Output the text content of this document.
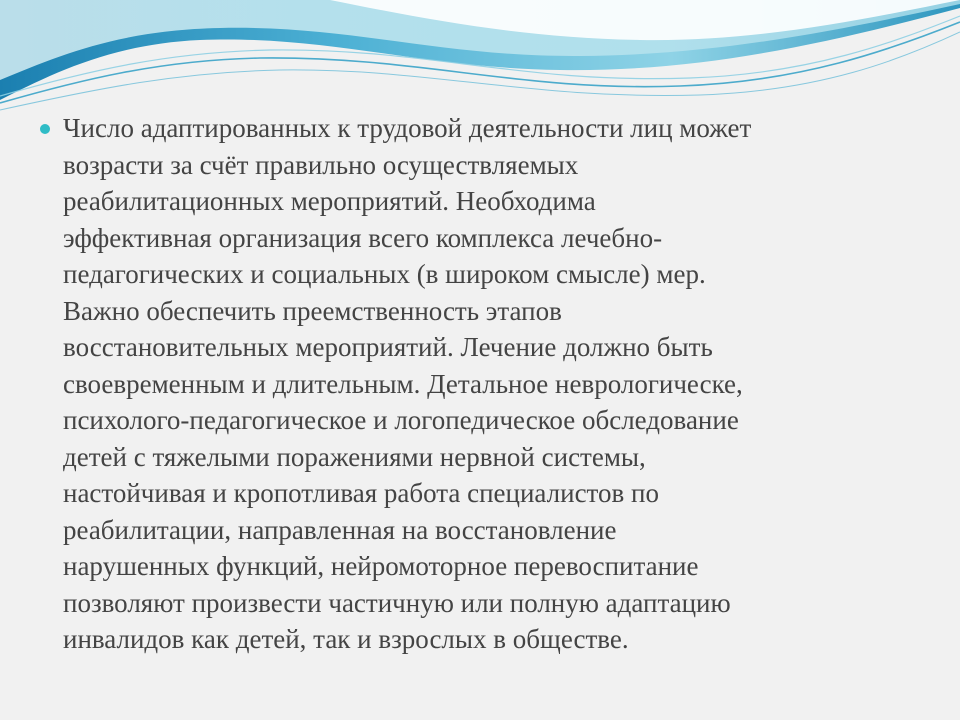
Число адаптированных к трудовой деятельности лиц может
возрасти за счёт правильно осуществляемых
реабилитационных мероприятий. Необходима
эффективная организация всего комплекса лечебно-
педагогических и социальных (в широком смысле) мер.
Важно обеспечить преемственность этапов
восстановительных мероприятий. Лечение должно быть
своевременным и длительным. Детальное неврологическе,
психолого-педагогическое и логопедическое обследование
детей с тяжелыми поражениями нервной системы,
настойчивая и кропотливая работа специалистов по
реабилитации, направленная на восстановление
нарушенных функций, нейромоторное перевоспитание
позволяют произвести частичную или полную адаптацию
инвалидов как детей, так и взрослых в обществе.
